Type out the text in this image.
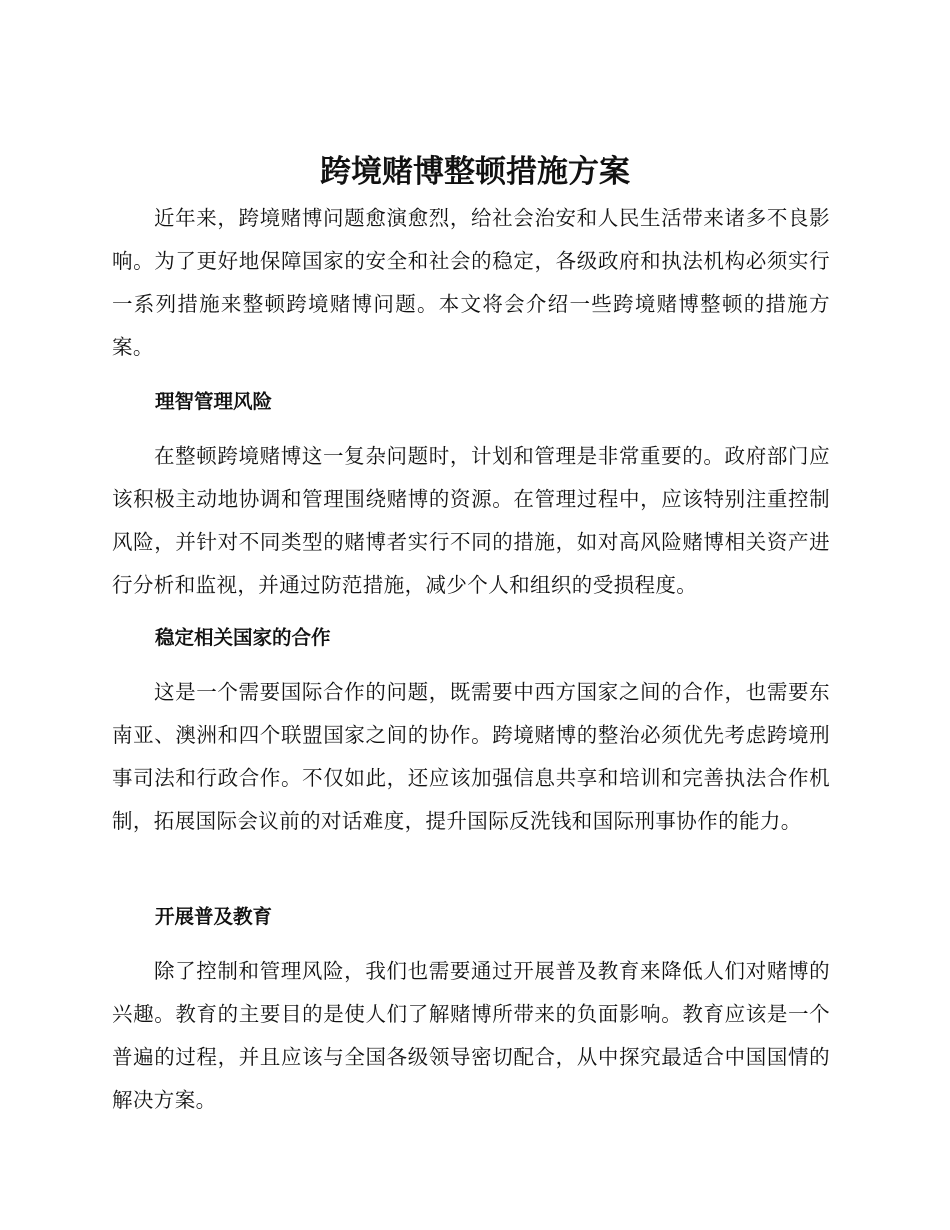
跨境赌博整顿措施方案

近年来，跨境赌博问题愈演愈烈，给社会治安和人民生活带来诸多不良影响。为了更好地保障国家的安全和社会的稳定，各级政府和执法机构必须实行一系列措施来整顿跨境赌博问题。本文将会介绍一些跨境赌博整顿的措施方案。

理智管理风险

在整顿跨境赌博这一复杂问题时，计划和管理是非常重要的。政府部门应该积极主动地协调和管理围绕赌博的资源。在管理过程中，应该特别注重控制风险，并针对不同类型的赌博者实行不同的措施，如对高风险赌博相关资产进行分析和监视，并通过防范措施，减少个人和组织的受损程度。

稳定相关国家的合作

这是一个需要国际合作的问题，既需要中西方国家之间的合作，也需要东南亚、澳洲和四个联盟国家之间的协作。跨境赌博的整治必须优先考虑跨境刑事司法和行政合作。不仅如此，还应该加强信息共享和培训和完善执法合作机制，拓展国际会议前的对话难度，提升国际反洗钱和国际刑事协作的能力。

开展普及教育

除了控制和管理风险，我们也需要通过开展普及教育来降低人们对赌博的兴趣。教育的主要目的是使人们了解赌博所带来的负面影响。教育应该是一个普遍的过程，并且应该与全国各级领导密切配合，从中探究最适合中国国情的解决方案。
